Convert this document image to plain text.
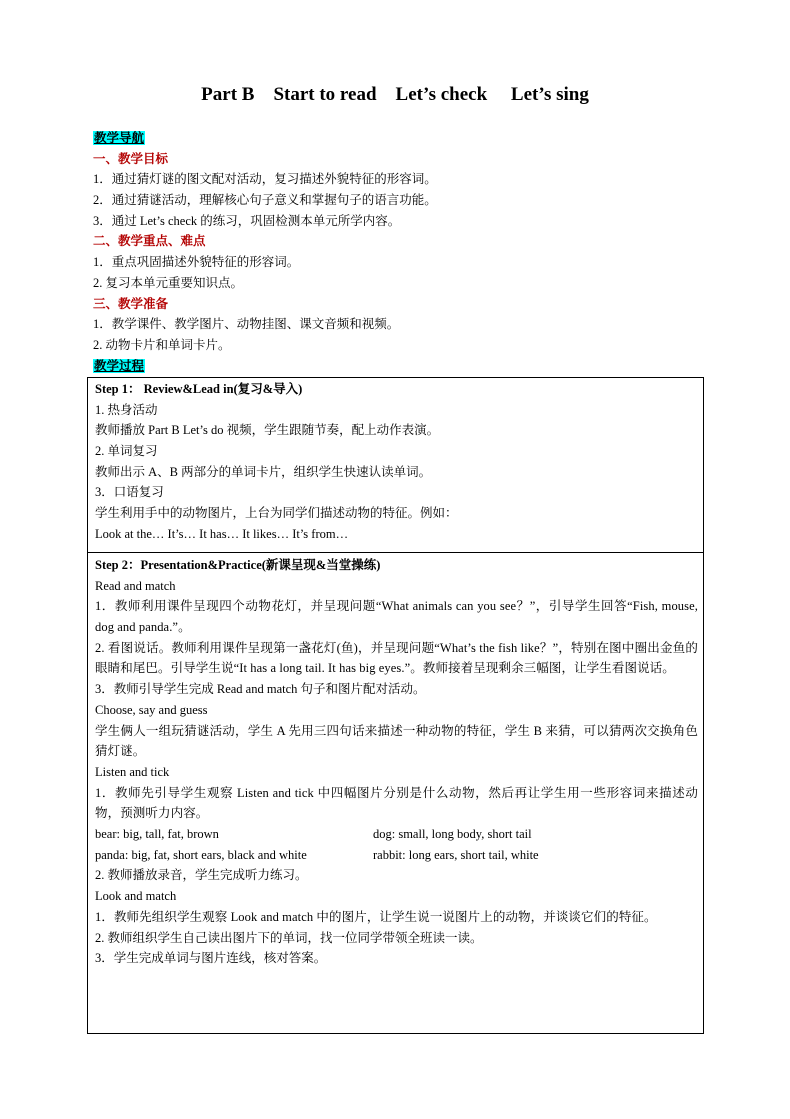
Part B    Start to read    Let’s check     Let’s sing
教学导航
一、教学目标
1．通过猜灯谜的图文配对活动，复习描述外貌特征的形容词。
2．通过猜谜活动，理解核心句子意义和掌握句子的语言功能。
3．通过 Let’s check 的练习，巩固检测本单元所学内容。
二、教学重点、难点
1．重点巩固描述外貌特征的形容词。
2. 复习本单元重要知识点。
三、教学准备
1．教学课件、教学图片、动物挂图、课文音频和视频。
2. 动物卡片和单词卡片。
教学过程
Step 1： Review&Lead in(复习&导入)
1. 热身活动
教师播放 Part B Let’s do 视频，学生跟随节奏，配上动作表演。
2. 单词复习
教师出示 A、B 两部分的单词卡片，组织学生快速认读单词。
3．口语复习
学生利用手中的动物图片，上台为同学们描述动物的特征。例如：
Look at the… It’s… It has… It likes… It’s from…
Step 2：Presentation&Practice(新课呈现&当堂操练)
Read and match
1．教师利用课件呈现四个动物花灯，并呈现问题“What animals can you see？”，引导学生回答“Fish, mouse, dog and panda.”。
2. 看图说话。教师利用课件呈现第一盏花灯(鱼)，并呈现问题“What’s the fish like？”，特别在图中圈出金鱼的眼睛和尾巴。引导学生说“It has a long tail. It has big eyes.”。教师接着呈现剩余三幅图，让学生看图说话。
3．教师引导学生完成 Read and match 句子和图片配对活动。
Choose, say and guess
学生俩人一组玩猜谜活动，学生 A 先用三四句话来描述一种动物的特征，学生 B 来猜，可以猜两次交换角色猜灯谜。
Listen and tick
1．教师先引导学生观察 Listen and tick 中四幅图片分别是什么动物，然后再让学生用一些形容词来描述动物，预测听力内容。
bear: big, tall, fat, brown	dog: small, long body, short tail
panda: big, fat, short ears, black and white	rabbit: long ears, short tail, white
2. 教师播放录音，学生完成听力练习。
Look and match
1．教师先组织学生观察 Look and match 中的图片，让学生说一说图片上的动物，并谈谈它们的特征。
2. 教师组织学生自己读出图片下的单词，找一位同学带领全班读一读。
3．学生完成单词与图片连线，核对答案。
